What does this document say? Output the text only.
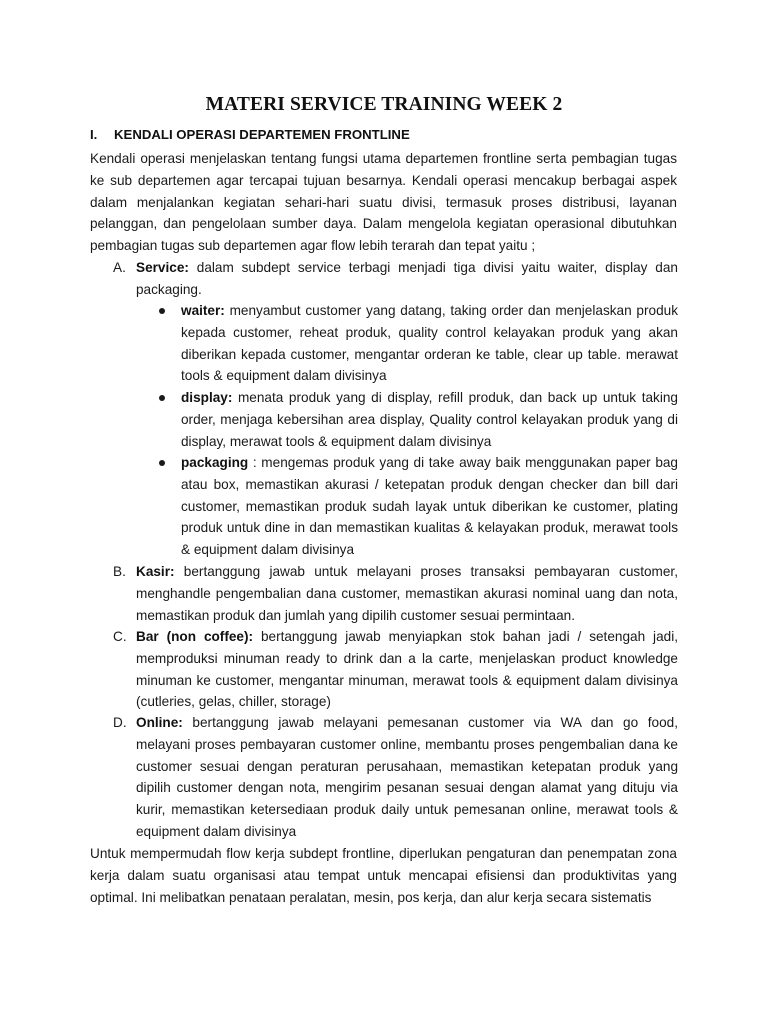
MATERI SERVICE TRAINING WEEK 2
I. KENDALI OPERASI DEPARTEMEN FRONTLINE
Kendali operasi menjelaskan tentang fungsi utama departemen frontline serta pembagian tugas ke sub departemen agar tercapai tujuan besarnya. Kendali operasi mencakup berbagai aspek dalam menjalankan kegiatan sehari-hari suatu divisi, termasuk proses distribusi, layanan pelanggan, dan pengelolaan sumber daya. Dalam mengelola kegiatan operasional dibutuhkan pembagian tugas sub departemen agar flow lebih terarah dan tepat yaitu ;
A. Service: dalam subdept service terbagi menjadi tiga divisi yaitu waiter, display dan packaging.
waiter: menyambut customer yang datang, taking order dan menjelaskan produk kepada customer, reheat produk, quality control kelayakan produk yang akan diberikan kepada customer, mengantar orderan ke table, clear up table. merawat tools & equipment dalam divisinya
display: menata produk yang di display, refill produk, dan back up untuk taking order, menjaga kebersihan area display, Quality control kelayakan produk yang di display, merawat tools & equipment dalam divisinya
packaging : mengemas produk yang di take away baik menggunakan paper bag atau box, memastikan akurasi / ketepatan produk dengan checker dan bill dari customer, memastikan produk sudah layak untuk diberikan ke customer, plating produk untuk dine in dan memastikan kualitas & kelayakan produk, merawat tools & equipment dalam divisinya
B. Kasir: bertanggung jawab untuk melayani proses transaksi pembayaran customer, menghandle pengembalian dana customer, memastikan akurasi nominal uang dan nota, memastikan produk dan jumlah yang dipilih customer sesuai permintaan.
C. Bar (non coffee): bertanggung jawab menyiapkan stok bahan jadi / setengah jadi, memproduksi minuman ready to drink dan a la carte, menjelaskan product knowledge minuman ke customer, mengantar minuman, merawat tools & equipment dalam divisinya (cutleries, gelas, chiller, storage)
D. Online: bertanggung jawab melayani pemesanan customer via WA dan go food, melayani proses pembayaran customer online, membantu proses pengembalian dana ke customer sesuai dengan peraturan perusahaan, memastikan ketepatan produk yang dipilih customer dengan nota, mengirim pesanan sesuai dengan alamat yang dituju via kurir, memastikan ketersediaan produk daily untuk pemesanan online, merawat tools & equipment dalam divisinya
Untuk mempermudah flow kerja subdept frontline, diperlukan pengaturan dan penempatan zona kerja dalam suatu organisasi atau tempat untuk mencapai efisiensi dan produktivitas yang optimal. Ini melibatkan penataan peralatan, mesin, pos kerja, dan alur kerja secara sistematis
